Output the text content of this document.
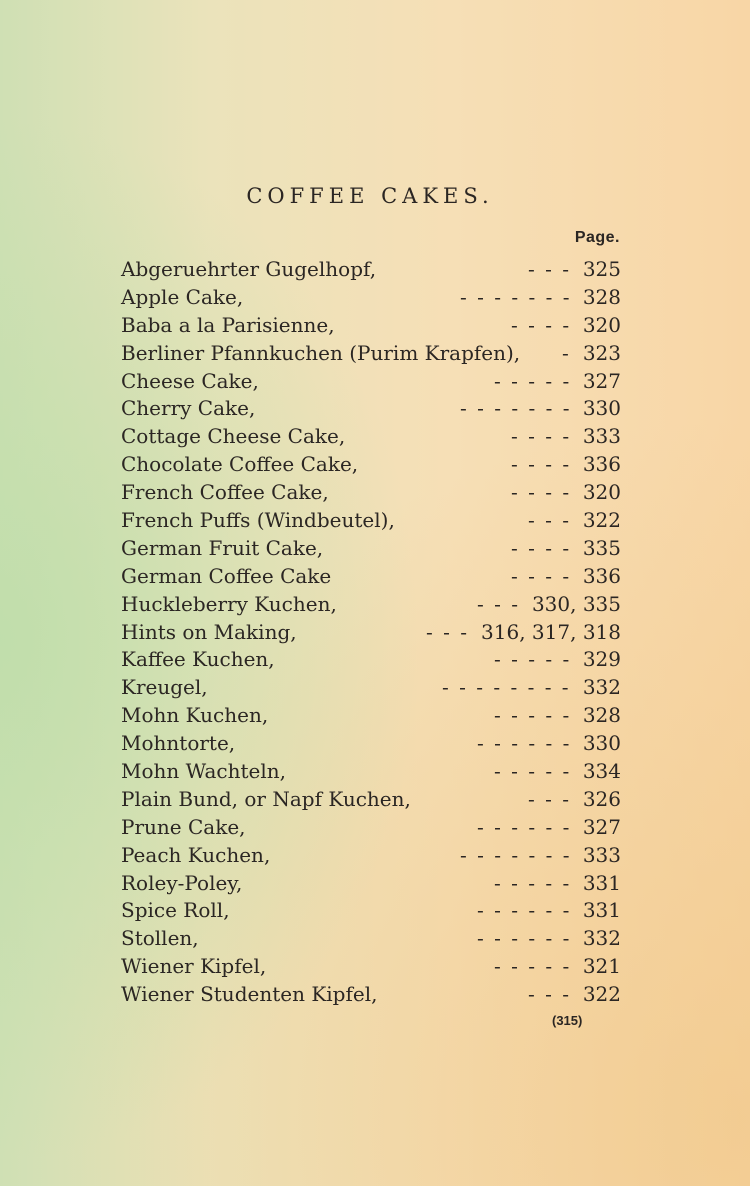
COFFEE CAKES.
Page.
Abgeruehrter Gugelhopf,	- - - 325
Apple Cake,	- - - - - - - 328
Baba a la Parisienne,	- - - - 320
Berliner Pfannkuchen (Purim Krapfen), - 323
Cheese Cake,	- - - - - 327
Cherry Cake,	- - - - - - - 330
Cottage Cheese Cake,	- - - - 333
Chocolate Coffee Cake,	- - - - 336
French Coffee Cake,	- - - - 320
French Puffs (Windbeutel),	- - - 322
German Fruit Cake,	- - - - 335
German Coffee Cake	- - - - 336
Huckleberry Kuchen,	- - - 330, 335
Hints on Making,	- - - 316, 317, 318
Kaffee Kuchen,	- - - - - 329
Kreugel,	- - - - - - - - 332
Mohn Kuchen,	- - - - - 328
Mohntorte,	- - - - - - 330
Mohn Wachteln,	- - - - - 334
Plain Bund, or Napf Kuchen,	- - - 326
Prune Cake,	- - - - - - 327
Peach Kuchen,	- - - - - - - 333
Roley-Poley,	- - - - - 331
Spice Roll,	- - - - - - 331
Stollen,	- - - - - - 332
Wiener Kipfel,	- - - - - 321
Wiener Studenten Kipfel,	- - - 322
(315)
